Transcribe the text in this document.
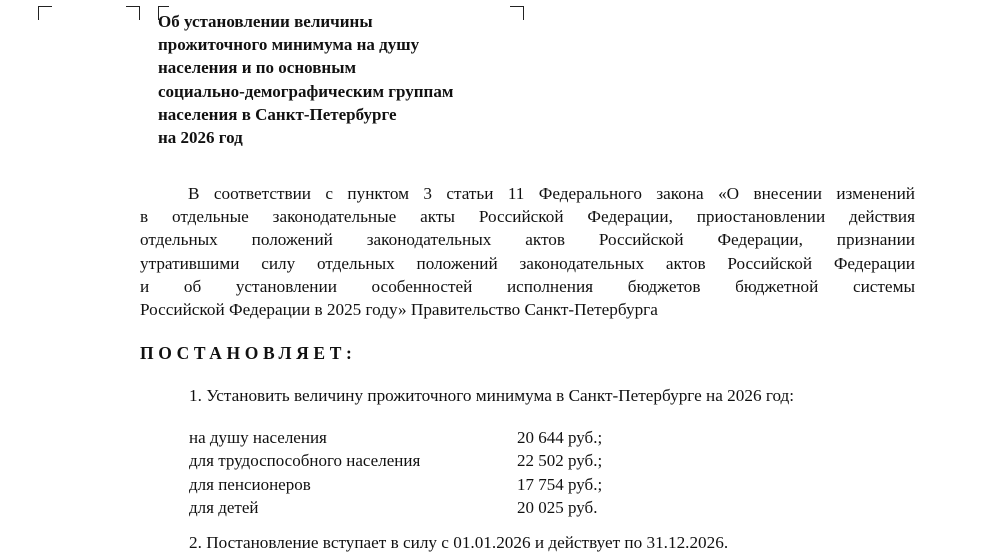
Об установлении величины
прожиточного минимума на душу
населения и по основным
социально-демографическим группам
населения в Санкт-Петербурге
на 2026 год
В соответствии с пунктом 3 статьи 11 Федерального закона «О внесении изменений
в отдельные законодательные акты Российской Федерации, приостановлении действия
отдельных положений законодательных актов Российской Федерации, признании
утратившими силу отдельных положений законодательных актов Российской Федерации
и об установлении особенностей исполнения бюджетов бюджетной системы
Российской Федерации в 2025 году» Правительство Санкт-Петербурга
ПОСТАНОВЛЯЕТ:
1. Установить величину прожиточного минимума в Санкт-Петербурге на 2026 год:
на душу населения	20 644 руб.;
для трудоспособного населения	22 502 руб.;
для пенсионеров	17 754 руб.;
для детей	20 025 руб.
2. Постановление вступает в силу с 01.01.2026 и действует по 31.12.2026.
